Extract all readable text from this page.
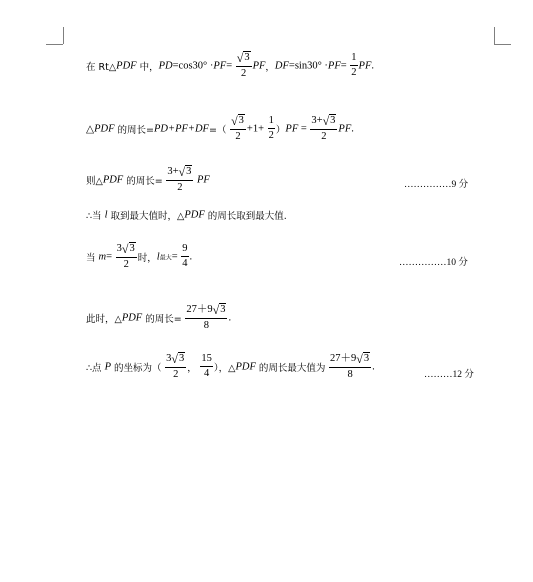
在 Rt△PDF 中，$PD=\cos 30^\circ \cdot PF= \frac{√3}{2}$ PF，$DF=\sin 30^\circ \cdot PF= \frac{1}{2}$ PF.
△PDF 的周长$=PD+PF+DF=( \frac{√3}{2} +1+ \frac{1}{2} )PF = \frac{3+√3}{2}$ PF.
则△PDF 的周长= $\frac{3+√3}{2}$ PF	……………9 分
∴当 l 取到最大值时，△PDF 的周长取到最大值.
当 $m= \frac{3√3}{2}$ 时，l最大= $\frac{9}{4}$ .
……………10 分
此时，△PDF 的周长= $\frac{27+9√3}{8}$ .
∴点 P 的坐标为（ $\frac{3√3}{2}$ ， $\frac{15}{4}$ ），△PDF 的周长最大值为 $\frac{27+9√3}{8}$ .
………12 分
